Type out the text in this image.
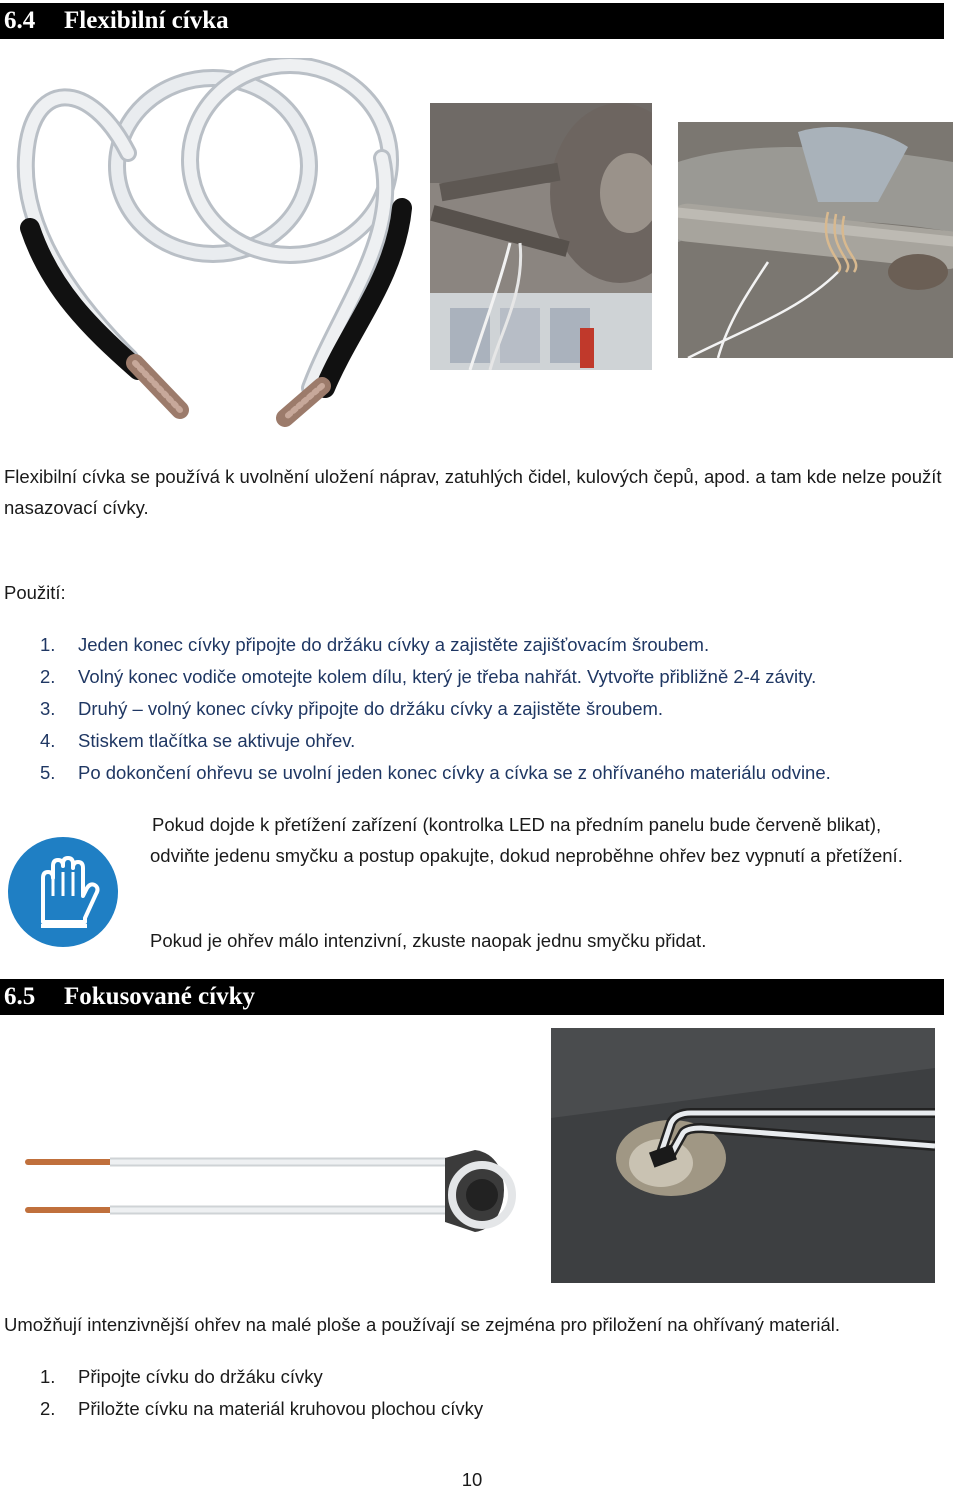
6.4 Flexibilní cívka
Flexibilní cívka se používá k uvolnění uložení náprav, zatuhlých čidel, kulových čepů, apod. a tam kde nelze použít nasazovací cívky.
Použití:
1. Jeden konec cívky připojte do držáku cívky a zajistěte zajišťovacím šroubem.
2. Volný konec vodiče omotejte kolem dílu, který je třeba nahřát. Vytvořte přibližně 2-4 závity.
3. Druhý – volný konec cívky připojte do držáku cívky a zajistěte šroubem.
4. Stiskem tlačítka se aktivuje ohřev.
5. Po dokončení ohřevu se uvolní jeden konec cívky a cívka se z ohřívaného materiálu odvine.
Pokud dojde k přetížení zařízení (kontrolka LED na předním panelu bude červeně blikat), odviňte jedenu smyčku a postup opakujte, dokud neproběhne ohřev bez vypnutí a přetížení.
Pokud je ohřev málo intenzivní, zkuste naopak jednu smyčku přidat.
6.5 Fokusované cívky
Umožňují intenzivnější ohřev na malé ploše a používají se zejména pro přiložení na ohřívaný materiál.
1. Připojte cívku do držáku cívky
2. Přiložte cívku na materiál kruhovou plochou cívky
10
